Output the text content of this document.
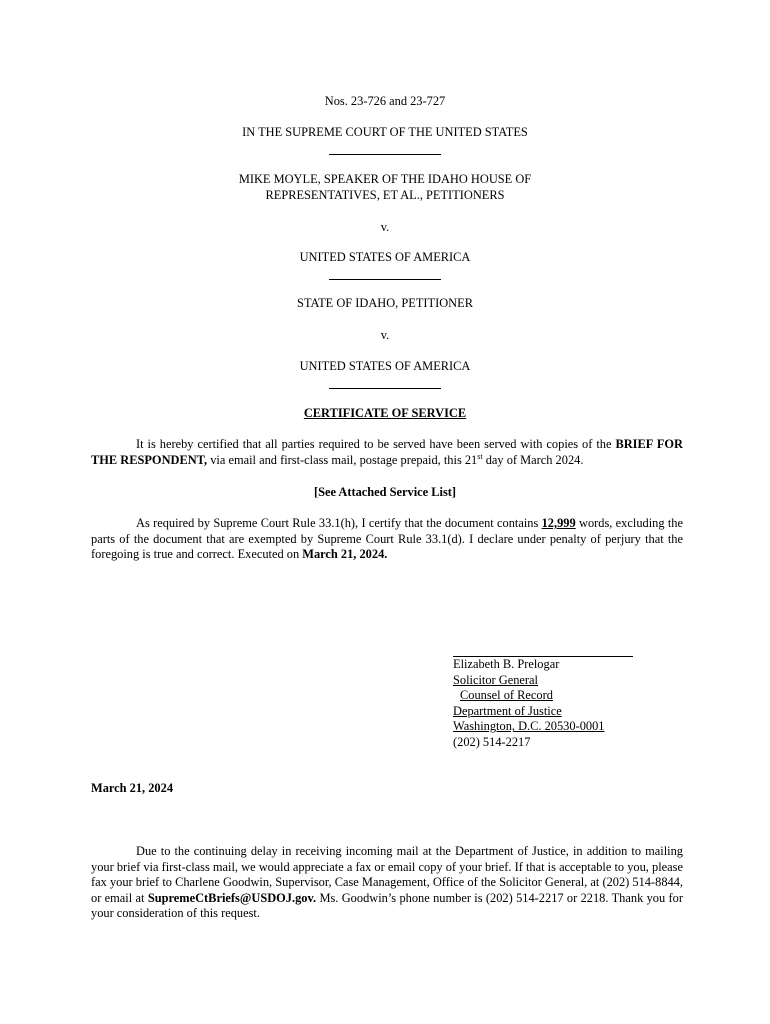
Nos. 23-726 and 23-727
IN THE SUPREME COURT OF THE UNITED STATES
MIKE MOYLE, SPEAKER OF THE IDAHO HOUSE OF
REPRESENTATIVES, ET AL., PETITIONERS
v.
UNITED STATES OF AMERICA
STATE OF IDAHO, PETITIONER
v.
UNITED STATES OF AMERICA
CERTIFICATE OF SERVICE
It is hereby certified that all parties required to be served have been served with copies of the BRIEF FOR THE RESPONDENT, via email and first-class mail, postage prepaid, this 21st day of March 2024.
[See Attached Service List]
As required by Supreme Court Rule 33.1(h), I certify that the document contains 12,999 words, excluding the parts of the document that are exempted by Supreme Court Rule 33.1(d). I declare under penalty of perjury that the foregoing is true and correct. Executed on March 21, 2024.
Elizabeth B. Prelogar
Solicitor General
Counsel of Record
Department of Justice
Washington, D.C. 20530-0001
(202) 514-2217
March 21, 2024
Due to the continuing delay in receiving incoming mail at the Department of Justice, in addition to mailing your brief via first-class mail, we would appreciate a fax or email copy of your brief. If that is acceptable to you, please fax your brief to Charlene Goodwin, Supervisor, Case Management, Office of the Solicitor General, at (202) 514-8844, or email at SupremeCtBriefs@USDOJ.gov. Ms. Goodwin’s phone number is (202) 514-2217 or 2218. Thank you for your consideration of this request.
